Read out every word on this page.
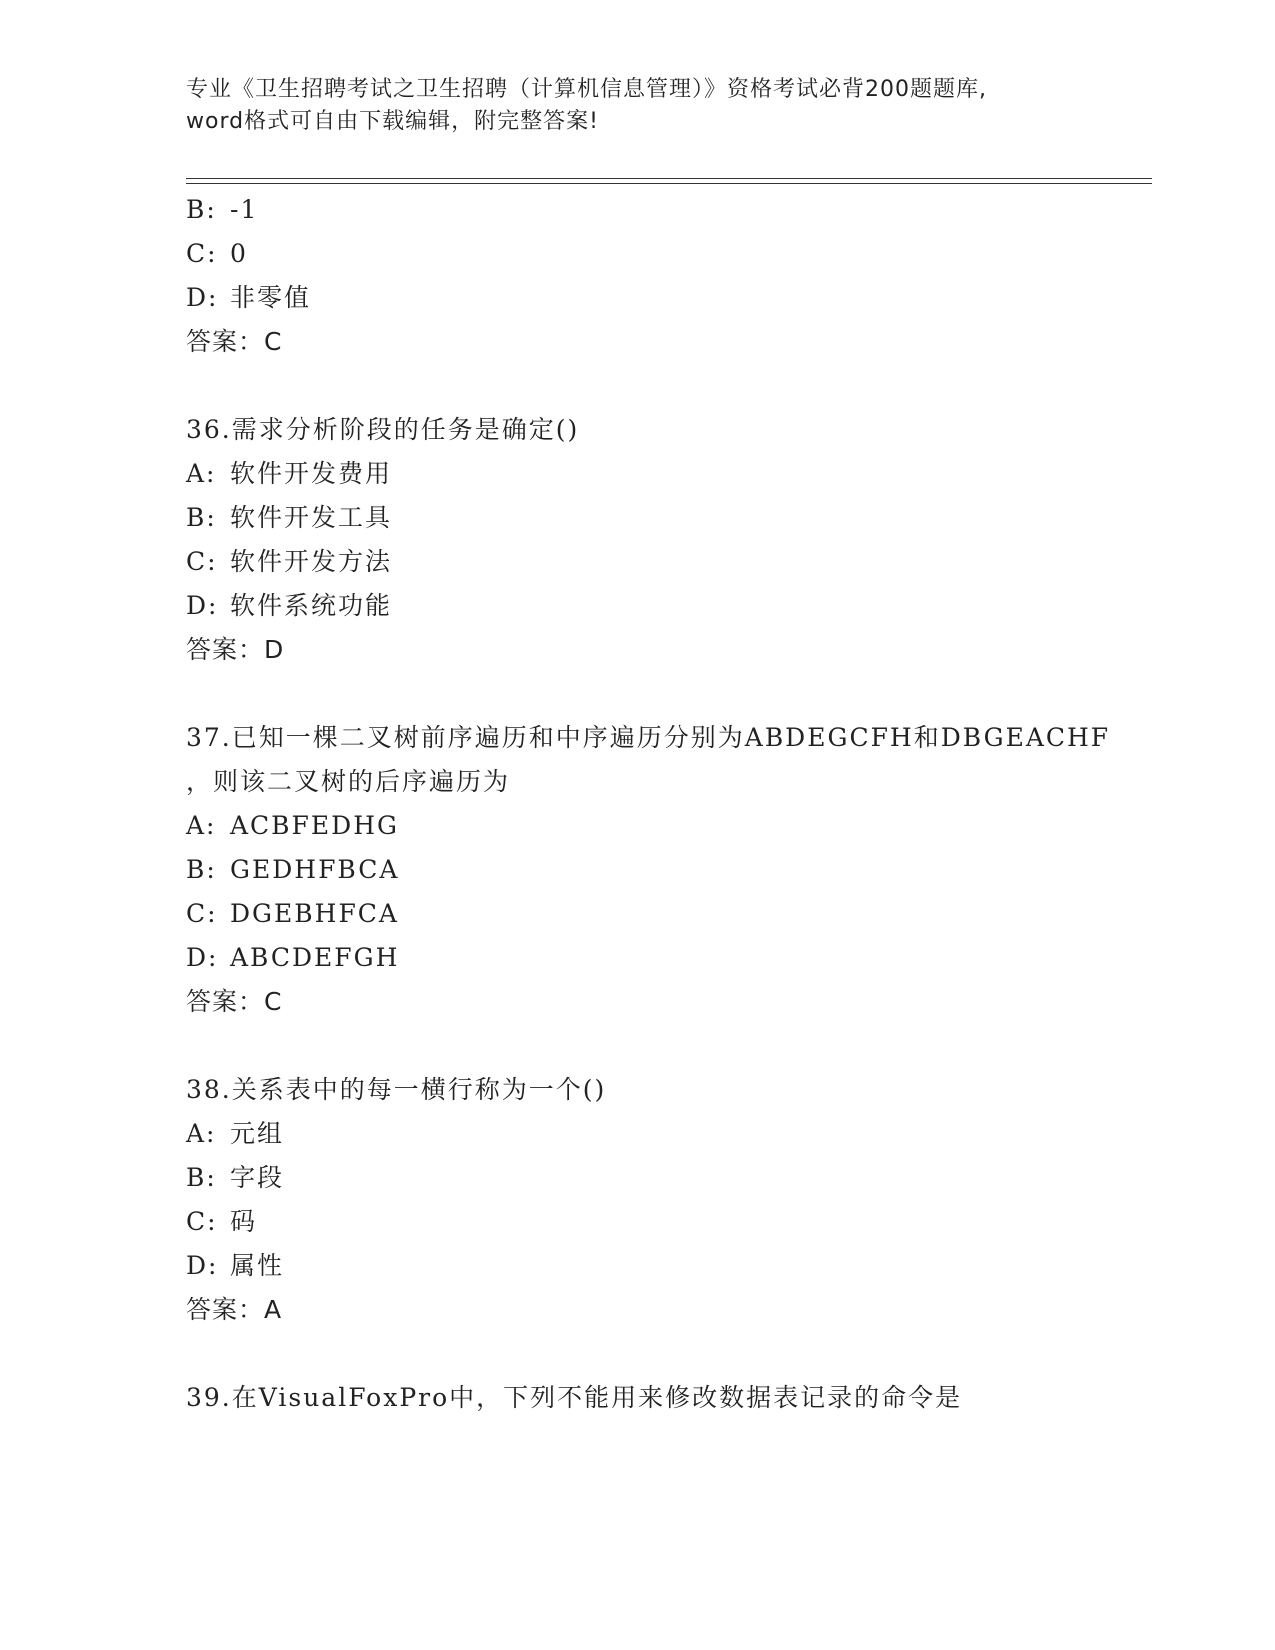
专业《卫生招聘考试之卫生招聘（计算机信息管理）》资格考试必背200题题库,
word格式可自由下载编辑，附完整答案!
B: -1
C: 0
D: 非零值
答案：C
36.需求分析阶段的任务是确定()
A: 软件开发费用
B: 软件开发工具
C: 软件开发方法
D: 软件系统功能
答案：D
37.已知一棵二叉树前序遍历和中序遍历分别为ABDEGCFH和DBGEACHF
，则该二叉树的后序遍历为
A: ACBFEDHG
B: GEDHFBCA
C: DGEBHFCA
D: ABCDEFGH
答案：C
38.关系表中的每一横行称为一个()
A: 元组
B: 字段
C: 码
D: 属性
答案：A
39.在VisualFoxPro中，下列不能用来修改数据表记录的命令是
